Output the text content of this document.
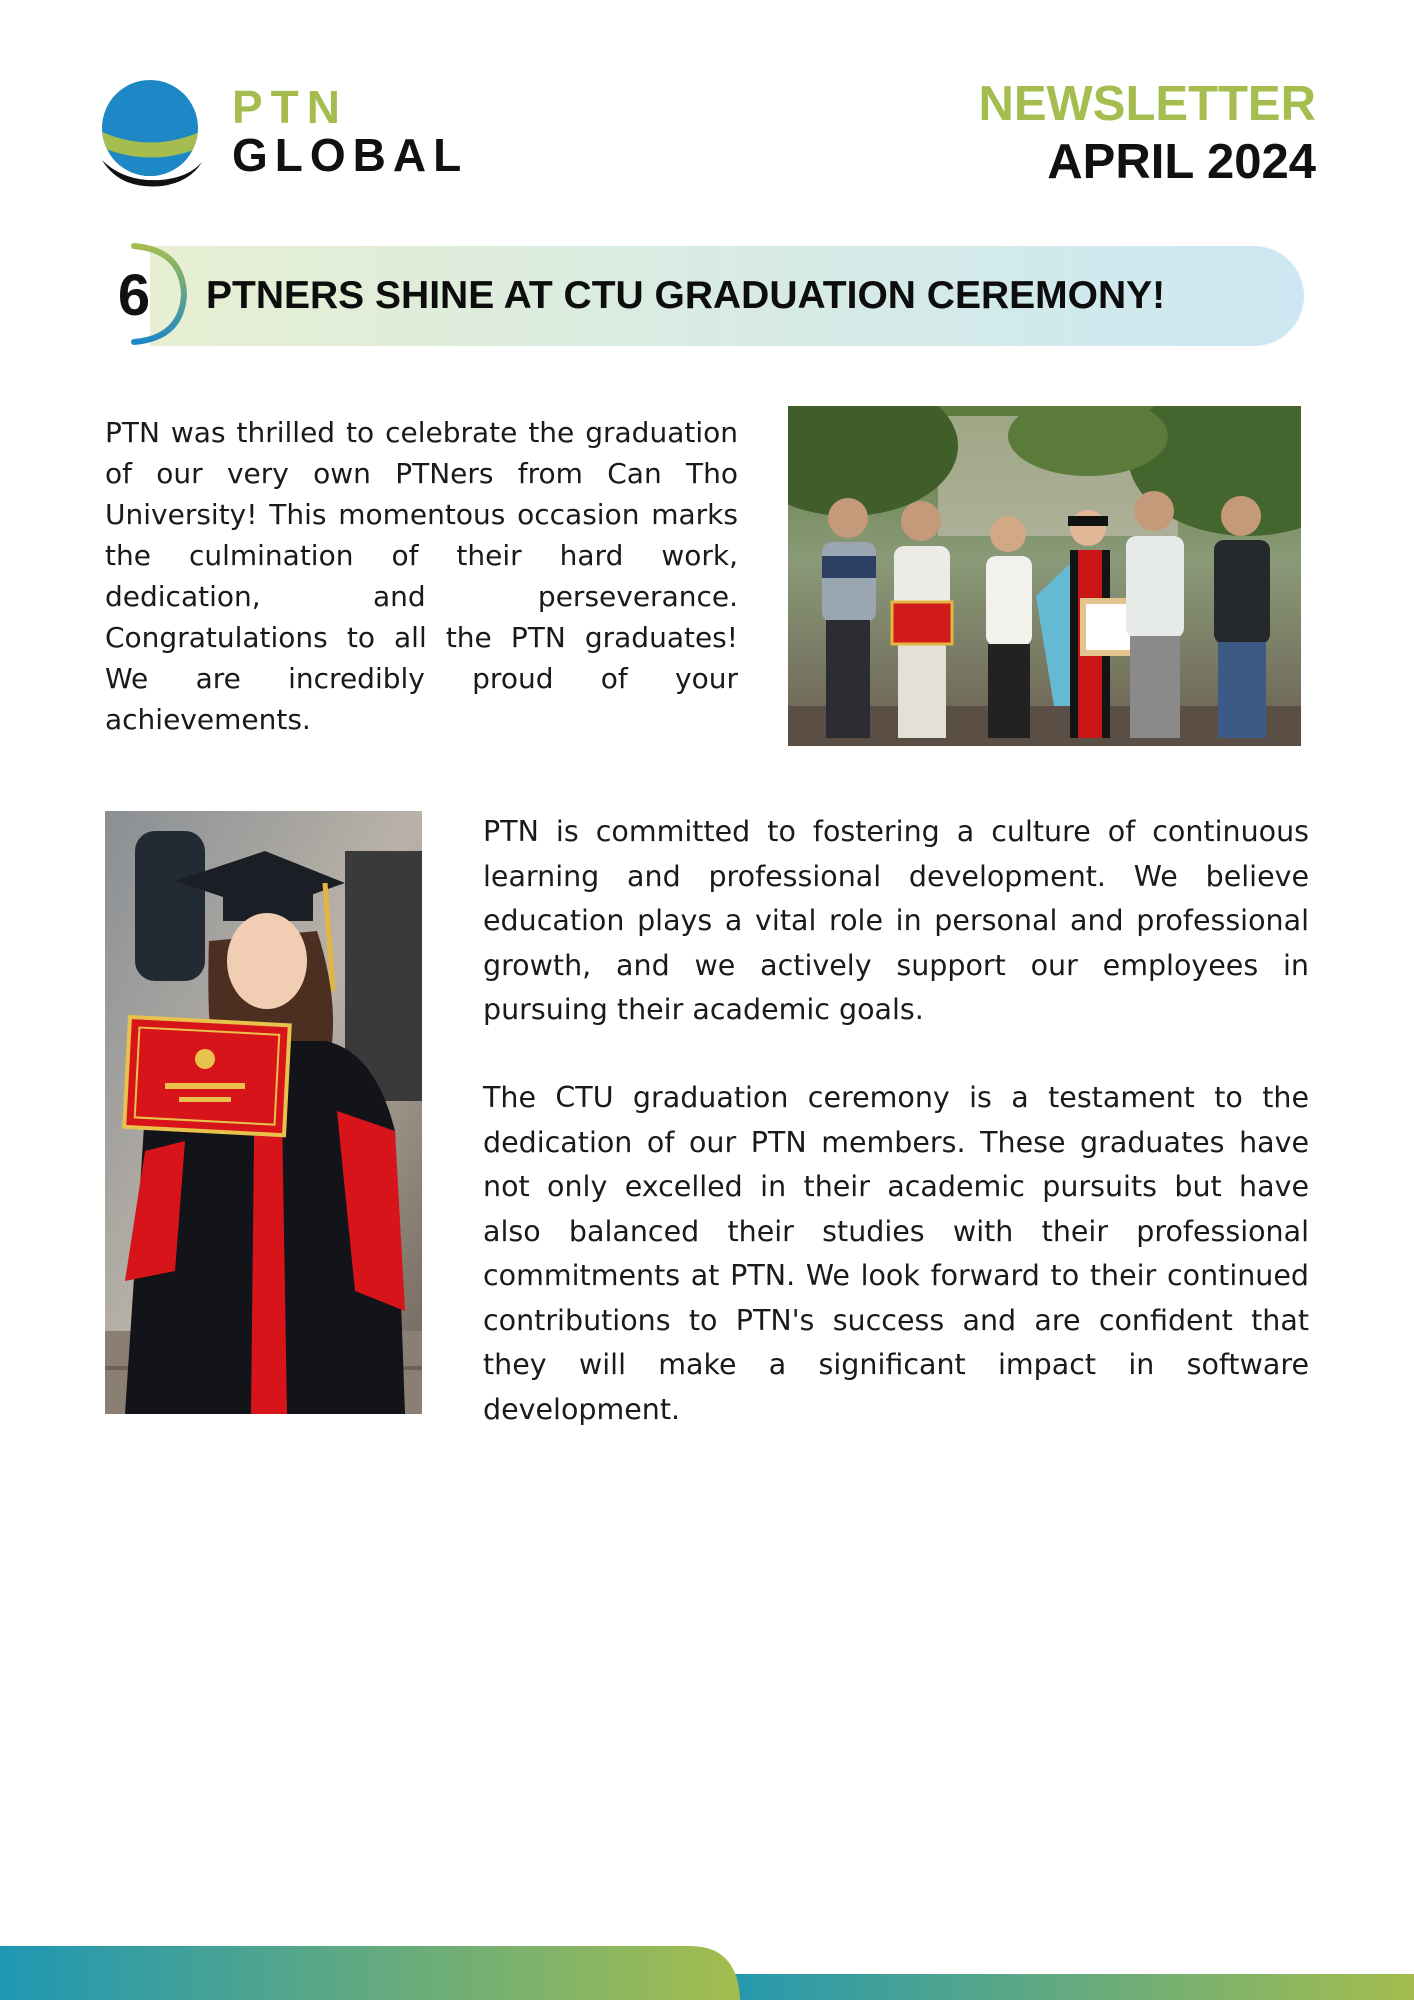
PTN
GLOBAL
NEWSLETTER
APRIL 2024
6 PTNERS SHINE AT CTU GRADUATION CEREMONY!

PTN was thrilled to celebrate the graduation of our very own PTNers from Can Tho University! This momentous occasion marks the culmination of their hard work, dedication, and perseverance. Congratulations to all the PTN graduates! We are incredibly proud of your achievements.

PTN is committed to fostering a culture of continuous learning and professional development. We believe education plays a vital role in personal and professional growth, and we actively support our employees in pursuing their academic goals.

The CTU graduation ceremony is a testament to the dedication of our PTN members. These graduates have not only excelled in their academic pursuits but have also balanced their studies with their professional commitments at PTN. We look forward to their continued contributions to PTN's success and are confident that they will make a significant impact in software development.
